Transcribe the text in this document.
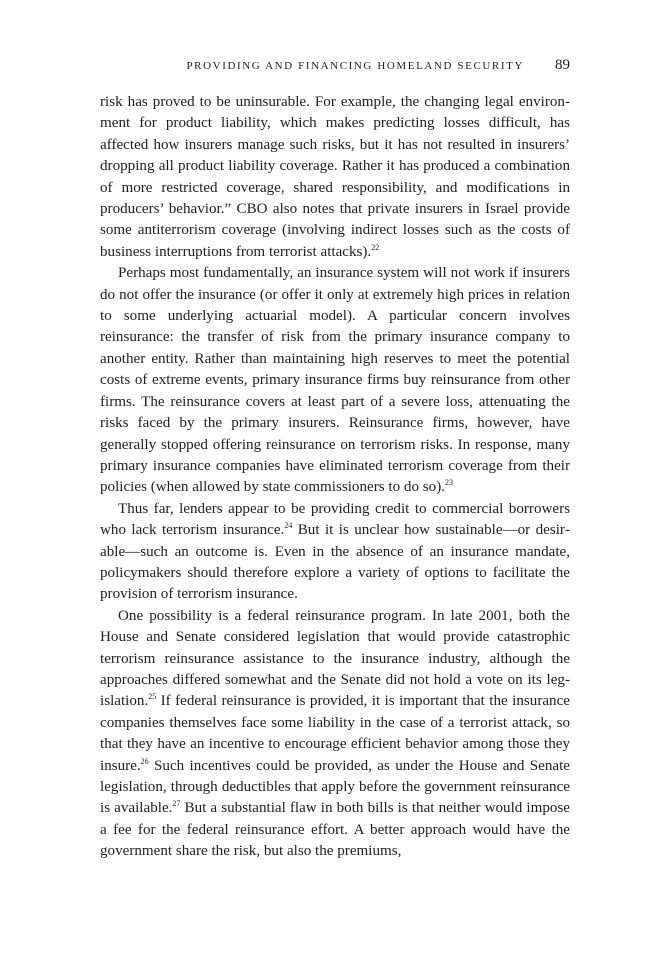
PROVIDING AND FINANCING HOMELAND SECURITY 89

risk has proved to be uninsurable. For example, the changing legal environment for product liability, which makes predicting losses difficult, has affected how insurers manage such risks, but it has not resulted in insurers’ dropping all product liability coverage. Rather it has produced a combination of more restricted coverage, shared responsibility, and modifications in producers’ behavior.” CBO also notes that private insurers in Israel provide some antiterrorism coverage (involving indirect losses such as the costs of business interruptions from terrorist attacks).$^{22}$

Perhaps most fundamentally, an insurance system will not work if insurers do not offer the insurance (or offer it only at extremely high prices in relation to some underlying actuarial model). A particular concern involves reinsurance: the transfer of risk from the primary insurance company to another entity. Rather than maintaining high reserves to meet the potential costs of extreme events, primary insurance firms buy reinsurance from other firms. The reinsurance covers at least part of a severe loss, attenuating the risks faced by the primary insurers. Reinsurance firms, however, have generally stopped offering reinsurance on terrorism risks. In response, many primary insurance companies have eliminated terrorism coverage from their policies (when allowed by state commissioners to do so).$^{23}$

Thus far, lenders appear to be providing credit to commercial borrowers who lack terrorism insurance.$^{24}$ But it is unclear how sustainable—or desirable—such an outcome is. Even in the absence of an insurance mandate, policymakers should therefore explore a variety of options to facilitate the provision of terrorism insurance.

One possibility is a federal reinsurance program. In late 2001, both the House and Senate considered legislation that would provide catastrophic terrorism reinsurance assistance to the insurance industry, although the approaches differed somewhat and the Senate did not hold a vote on its legislation.$^{25}$ If federal reinsurance is provided, it is important that the insurance companies themselves face some liability in the case of a terrorist attack, so that they have an incentive to encourage efficient behavior among those they insure.$^{26}$ Such incentives could be provided, as under the House and Senate legislation, through deductibles that apply before the government reinsurance is available.$^{27}$ But a substantial flaw in both bills is that neither would impose a fee for the federal reinsurance effort. A better approach would have the government share the risk, but also the premiums,
